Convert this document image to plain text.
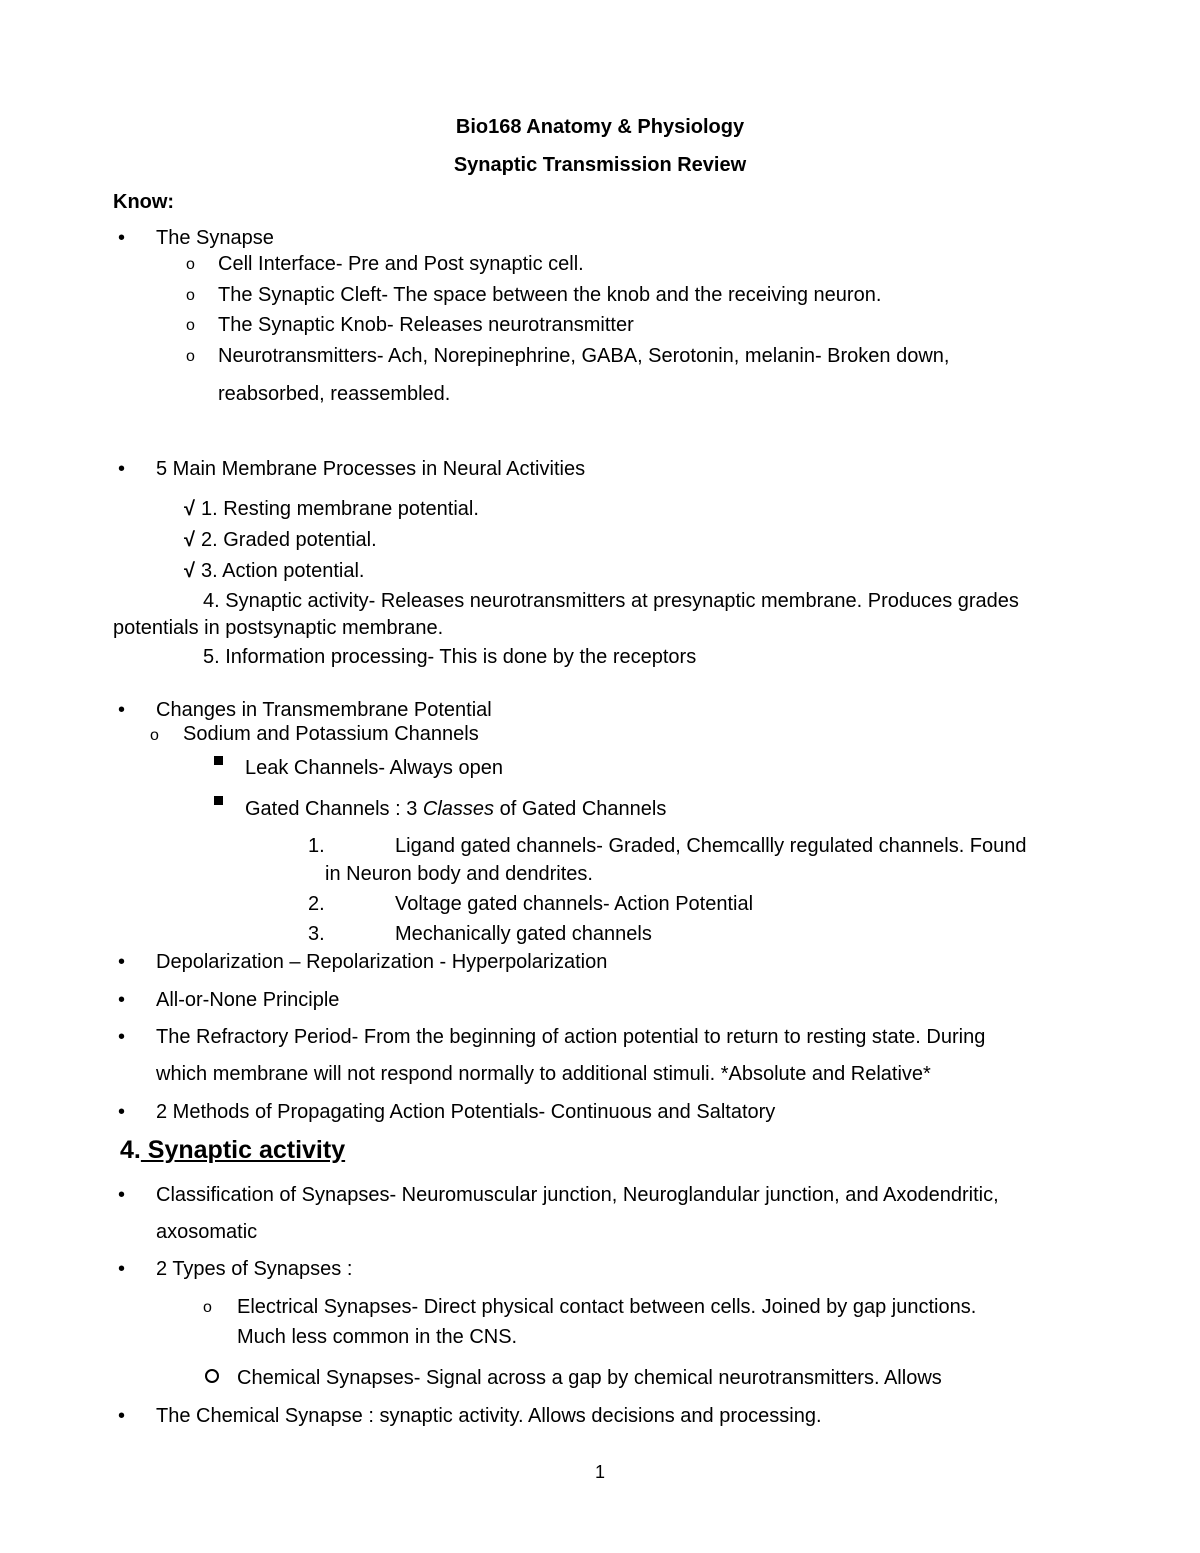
Bio168 Anatomy & Physiology
Synaptic Transmission Review
Know:
• The Synapse
o Cell Interface- Pre and Post synaptic cell.
o The Synaptic Cleft- The space between the knob and the receiving neuron.
o The Synaptic Knob- Releases neurotransmitter
o Neurotransmitters- Ach, Norepinephrine, GABA, Serotonin, melanin- Broken down,
reabsorbed, reassembled.
• 5 Main Membrane Processes in Neural Activities
√ 1. Resting membrane potential.
√ 2. Graded potential.
√ 3. Action potential.
4. Synaptic activity- Releases neurotransmitters at presynaptic membrane. Produces grades
potentials in postsynaptic membrane.
5. Information processing- This is done by the receptors
• Changes in Transmembrane Potential
o Sodium and Potassium Channels
Leak Channels- Always open
Gated Channels : 3 Classes of Gated Channels
1.	Ligand gated channels- Graded, Chemcallly regulated channels. Found
in Neuron body and dendrites.
2.	Voltage gated channels- Action Potential
3.	Mechanically gated channels
• Depolarization – Repolarization - Hyperpolarization
• All-or-None Principle
• The Refractory Period- From the beginning of action potential to return to resting state. During
which membrane will not respond normally to additional stimuli. *Absolute and Relative*
• 2 Methods of Propagating Action Potentials- Continuous and Saltatory
4. Synaptic activity
• Classification of Synapses- Neuromuscular junction, Neuroglandular junction, and Axodendritic,
axosomatic
• 2 Types of Synapses :
o Electrical Synapses- Direct physical contact between cells. Joined by gap junctions.
Much less common in the CNS.
Chemical Synapses- Signal across a gap by chemical neurotransmitters. Allows
• The Chemical Synapse : synaptic activity. Allows decisions and processing.
1
